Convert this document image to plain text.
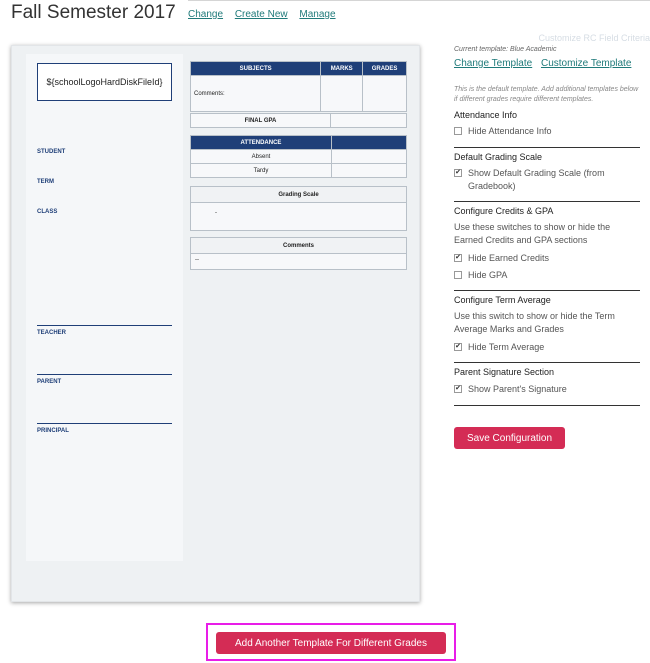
Fall Semester 2017 Change Create New Manage
Customize RC Field Criteria
${schoolLogoHardDiskFileId}
STUDENT
TERM
CLASS
TEACHER
PARENT
PRINCIPAL
SUBJECTS	MARKS	GRADES
Comments:		
FINAL GPA	
ATTENDANCE	
Absent	
Tardy	
Grading Scale
-
Comments
--
Current template: Blue Academic
Change Template Customize Template
This is the default template. Add additional templates below if different grades require different templates.
Attendance Info
Hide Attendance Info
Default Grading Scale
✔ Show Default Grading Scale (from Gradebook)
Configure Credits & GPA
Use these switches to show or hide the Earned Credits and GPA sections
✔ Hide Earned Credits
Hide GPA
Configure Term Average
Use this switch to show or hide the Term Average Marks and Grades
✔ Hide Term Average
Parent Signature Section
✔ Show Parent's Signature
Save Configuration
Add Another Template For Different Grades
